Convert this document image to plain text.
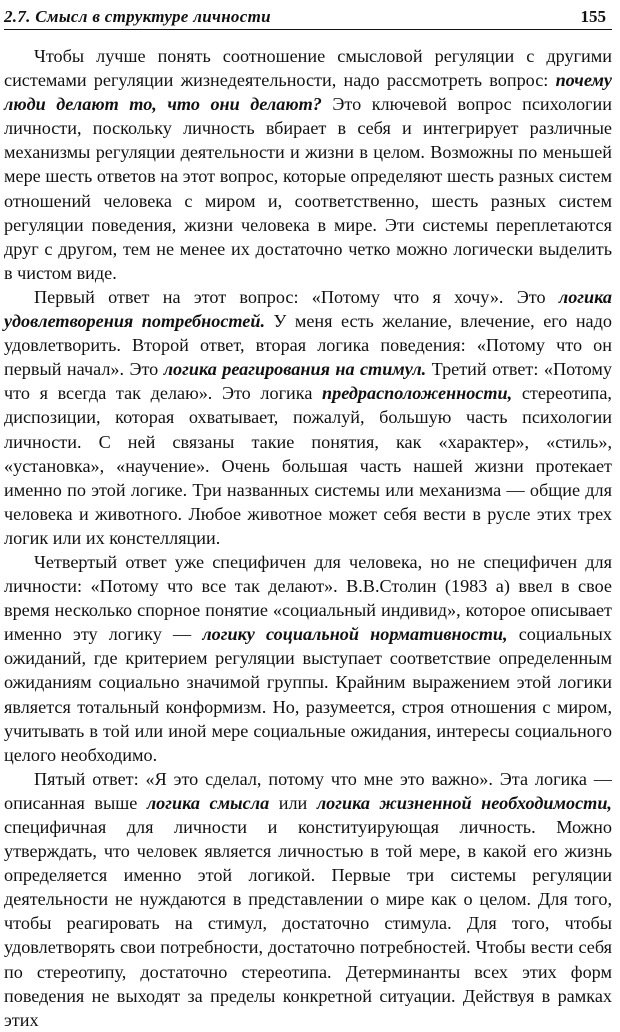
2.7. Смысл в структуре личности	155

Чтобы лучше понять соотношение смысловой регуляции с другими системами регуляции жизнедеятельности, надо рассмотреть вопрос: почему люди делают то, что они делают? Это ключевой вопрос психологии личности, поскольку личность вбирает в себя и интегрирует различные механизмы регуляции деятельности и жизни в целом. Возможны по меньшей мере шесть ответов на этот вопрос, которые определяют шесть разных систем отношений человека с миром и, соответственно, шесть разных систем регуляции поведения, жизни человека в мире. Эти системы переплетаются друг с другом, тем не менее их достаточно четко можно логически выделить в чистом виде.

Первый ответ на этот вопрос: «Потому что я хочу». Это логика удовлетворения потребностей. У меня есть желание, влечение, его надо удовлетворить. Второй ответ, вторая логика поведения: «Потому что он первый начал». Это логика реагирования на стимул. Третий ответ: «Потому что я всегда так делаю». Это логика предрасположенности, стереотипа, диспозиции, которая охватывает, пожалуй, большую часть психологии личности. С ней связаны такие понятия, как «характер», «стиль», «установка», «научение». Очень большая часть нашей жизни протекает именно по этой логике. Три названных системы или механизма — общие для человека и животного. Любое животное может себя вести в русле этих трех логик или их констелляции.

Четвертый ответ уже специфичен для человека, но не специфичен для личности: «Потому что все так делают». В.В.Столин (1983 а) ввел в свое время несколько спорное понятие «социальный индивид», которое описывает именно эту логику — логику социальной нормативности, социальных ожиданий, где критерием регуляции выступает соответствие определенным ожиданиям социально значимой группы. Крайним выражением этой логики является тотальный конформизм. Но, разумеется, строя отношения с миром, учитывать в той или иной мере социальные ожидания, интересы социального целого необходимо.

Пятый ответ: «Я это сделал, потому что мне это важно». Эта логика — описанная выше логика смысла или логика жизненной необходимости, специфичная для личности и конституирующая личность. Можно утверждать, что человек является личностью в той мере, в какой его жизнь определяется именно этой логикой. Первые три системы регуляции деятельности не нуждаются в представлении о мире как о целом. Для того, чтобы реагировать на стимул, достаточно стимула. Для того, чтобы удовлетворять свои потребности, достаточно потребностей. Чтобы вести себя по стереотипу, достаточно стереотипа. Детерминанты всех этих форм поведения не выходят за пределы конкретной ситуации. Действуя в рамках этих
